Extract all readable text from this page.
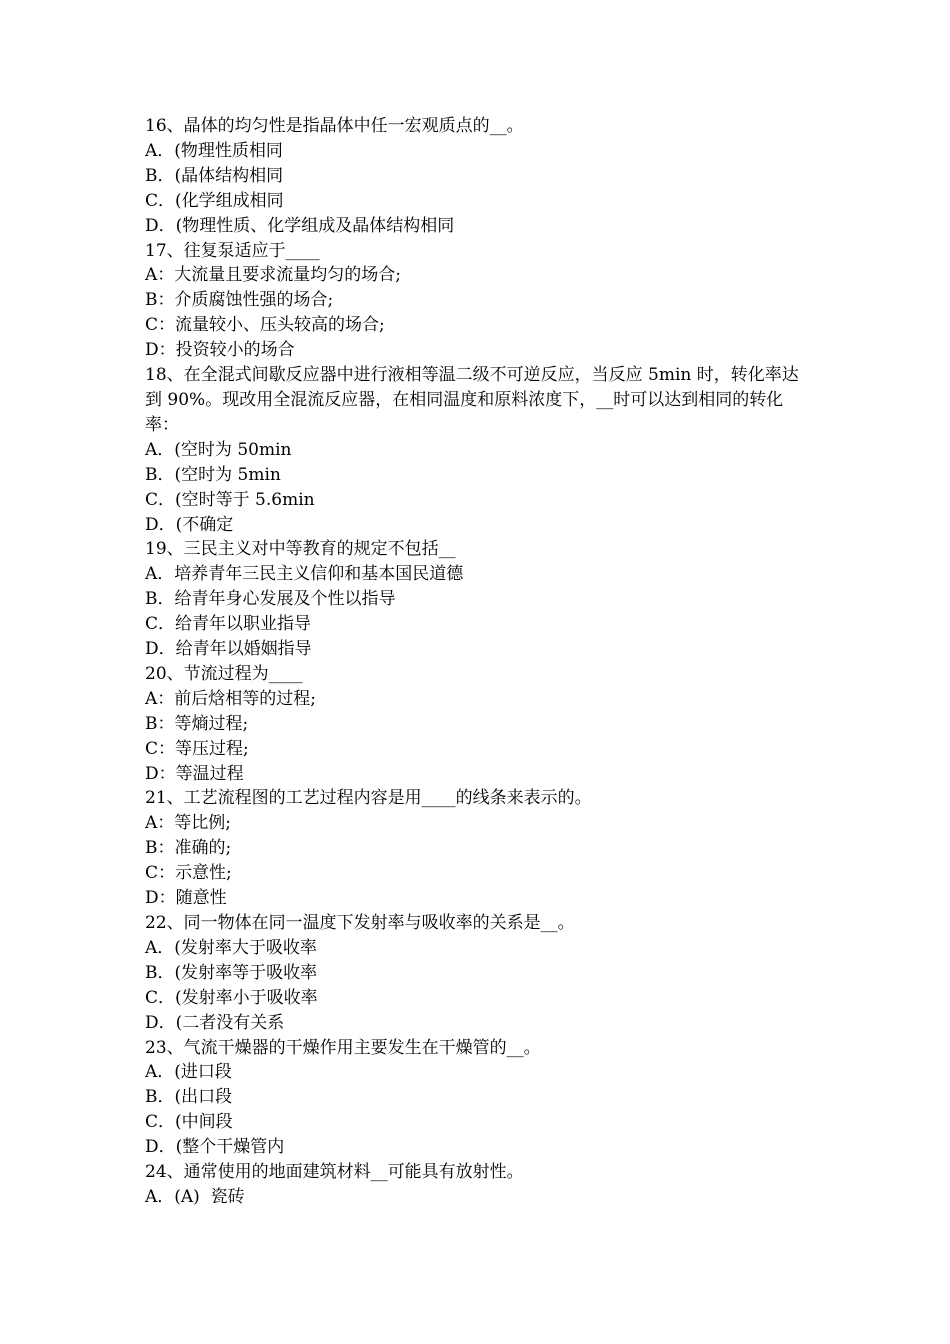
16、晶体的均匀性是指晶体中任一宏观质点的__。

A．(物理性质相同

B．(晶体结构相同

C．(化学组成相同

D．(物理性质、化学组成及晶体结构相同

17、往复泵适应于____

A：大流量且要求流量均匀的场合;

B：介质腐蚀性强的场合;

C：流量较小、压头较高的场合;

D：投资较小的场合

18、在全混式间歇反应器中进行液相等温二级不可逆反应，当反应 5min 时，转化率达到 90%。现改用全混流反应器，在相同温度和原料浓度下，__时可以达到相同的转化率：

A．(空时为 50min

B．(空时为 5min

C．(空时等于 5.6min

D．(不确定

19、三民主义对中等教育的规定不包括__

A．培养青年三民主义信仰和基本国民道德

B．给青年身心发展及个性以指导

C．给青年以职业指导

D．给青年以婚姻指导

20、节流过程为____

A：前后焓相等的过程;

B：等熵过程;

C：等压过程;

D：等温过程

21、工艺流程图的工艺过程内容是用____的线条来表示的。

A：等比例;

B：准确的;

C：示意性;

D：随意性

22、同一物体在同一温度下发射率与吸收率的关系是__。

A．(发射率大于吸收率

B．(发射率等于吸收率

C．(发射率小于吸收率

D．(二者没有关系

23、气流干燥器的干燥作用主要发生在干燥管的__。

A．(进口段

B．(出口段

C．(中间段

D．(整个干燥管内

24、通常使用的地面建筑材料__可能具有放射性。

A．(A)  瓷砖
